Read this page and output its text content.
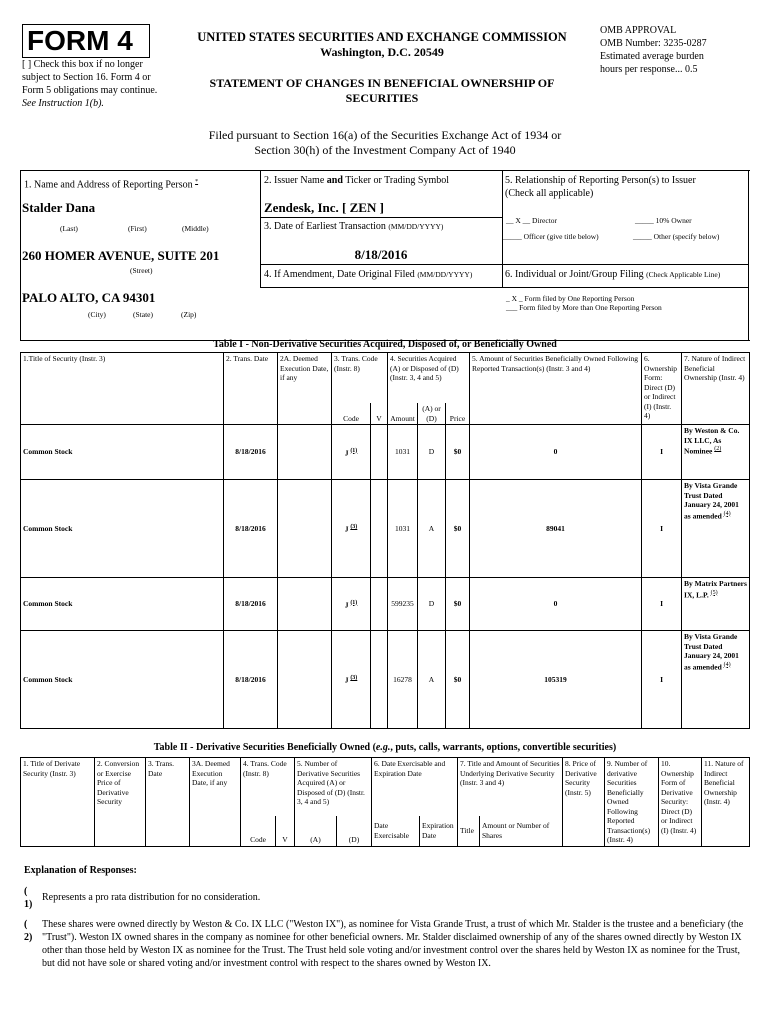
FORM 4
[ ] Check this box if no longer subject to Section 16. Form 4 or Form 5 obligations may continue. See Instruction 1(b).
UNITED STATES SECURITIES AND EXCHANGE COMMISSION
Washington, D.C. 20549
STATEMENT OF CHANGES IN BENEFICIAL OWNERSHIP OF SECURITIES
OMB APPROVAL
OMB Number: 3235-0287
Estimated average burden
hours per response... 0.5
Filed pursuant to Section 16(a) of the Securities Exchange Act of 1934 or
Section 30(h) of the Investment Company Act of 1940
1. Name and Address of Reporting Person *
Stalder Dana
(Last)	(First)	(Middle)
260 HOMER AVENUE, SUITE 201
(Street)
PALO ALTO, CA 94301
(City)	(State)	(Zip)
2. Issuer Name and Ticker or Trading Symbol
Zendesk, Inc. [ ZEN ]
3. Date of Earliest Transaction (MM/DD/YYYY)
8/18/2016
4. If Amendment, Date Original Filed (MM/DD/YYYY)
5. Relationship of Reporting Person(s) to Issuer
(Check all applicable)
__ X __ Director	_____ 10% Owner
_____ Officer (give title below)	_____ Other (specify below)
6. Individual or Joint/Group Filing (Check Applicable Line)
_ X _ Form filed by One Reporting Person
___ Form filed by More than One Reporting Person
Table I - Non-Derivative Securities Acquired, Disposed of, or Beneficially Owned
1.Title of Security (Instr. 3)	2. Trans. Date	2A. Deemed Execution Date, if any	3. Trans. Code (Instr. 8)		4. Securities Acquired (A) or Disposed of (D) (Instr. 3, 4 and 5)			5. Amount of Securities Beneficially Owned Following Reported Transaction(s) (Instr. 3 and 4)	6. Ownership Form: Direct (D) or Indirect (I) (Instr. 4)	7. Nature of Indirect Beneficial Ownership (Instr. 4)
			Code	V	Amount	(A) or (D)	Price			
Common Stock	8/18/2016		J $^{(1)}$		1031	D	$0	0	I	By Weston & Co. IX LLC, As Nominee $^{(2)}$
Common Stock	8/18/2016		J $^{(3)}$		1031	A	$0	89041	I	By Vista Grande Trust Dated January 24, 2001 as amended $^{(4)}$
Common Stock	8/18/2016		J $^{(1)}$		599235	D	$0	0	I	By Matrix Partners IX, L.P. $^{(5)}$
Common Stock	8/18/2016		J $^{(3)}$		16278	A	$0	105319	I	By Vista Grande Trust Dated January 24, 2001 as amended $^{(4)}$
Table II - Derivative Securities Beneficially Owned (e.g., puts, calls, warrants, options, convertible securities)
1. Title of Derivate Security (Instr. 3)	2. Conversion or Exercise Price of Derivative Security	3. Trans. Date	3A. Deemed Execution Date, if any	4. Trans. Code (Instr. 8)		5. Number of Derivative Securities Acquired (A) or Disposed of (D) (Instr. 3, 4 and 5)		6. Date Exercisable and Expiration Date		7. Title and Amount of Securities Underlying Derivative Security (Instr. 3 and 4)		8. Price of Derivative Security (Instr. 5)	9. Number of derivative Securities Beneficially Owned Following Reported Transaction(s) (Instr. 4)	10. Ownership Form of Derivative Security: Direct (D) or Indirect (I) (Instr. 4)	11. Nature of Indirect Beneficial Ownership (Instr. 4)
				Code	V	(A)	(D)	Date Exercisable	Expiration Date	Title	Amount or Number of Shares				
Explanation of Responses:
(
1)
Represents a pro rata distribution for no consideration.
(
2)
These shares were owned directly by Weston & Co. IX LLC ("Weston IX"), as nominee for Vista Grande Trust, a trust of which Mr. Stalder is the trustee and a beneficiary (the "Trust"). Weston IX owned shares in the company as nominee for other beneficial owners. Mr. Stalder disclaimed ownership of any of the shares owned directly by Weston IX other than those held by Weston IX as nominee for the Trust. The Trust held sole voting and/or investment control over the shares held by Weston IX as nominee for the Trust, but did not have sole or shared voting and/or investment control with respect to the shares owned by Weston IX.
